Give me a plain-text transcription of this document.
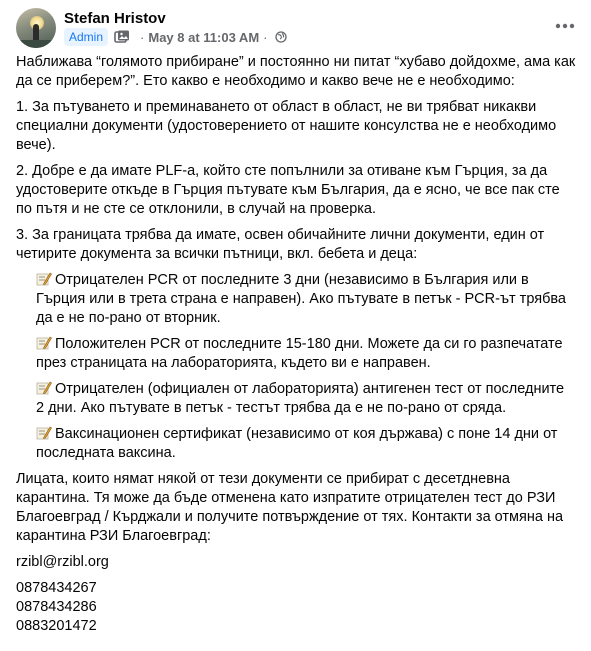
Stefan Hristov
Admin	· May 8 at 11:03 AM ·

Наближава “голямото прибиране” и постоянно ни питат “хубаво дойдохме, ама как да се приберем?”. Ето какво е необходимо и какво вече не е необходимо:

1. За пътуването и преминаването от област в област, не ви трябват никакви специални документи (удостоверението от нашите консулства не е необходимо вече).

2. Добре е да имате PLF-а, който сте попълнили за отиване към Гърция, за да удостоверите откъде в Гърция пътувате към България, да е ясно, че все пак сте по пътя и не сте се отклонили, в случай на проверка.

3. За границата трябва да имате, освен обичайните лични документи, един от четирите документа за всички пътници, вкл. бебета и деца:

Отрицателен PCR от последните 3 дни (независимо в България или в Гърция или в трета страна е направен). Ако пътувате в петък - PCR-ът трябва да е не по-рано от вторник.

Положителен PCR от последните 15-180 дни. Можете да си го разпечатате през страницата на лабораторията, където ви е направен.

Отрицателен (официален от лабораторията) антигенен тест от последните 2 дни. Ако пътувате в петък - тестът трябва да е не по-рано от сряда.

Ваксинационен сертификат (независимо от коя държава) с поне 14 дни от последната ваксина.

Лицата, които нямат някой от тези документи се прибират с десетдневна карантина. Тя може да бъде отменена като изпратите отрицателен тест до РЗИ Благоевград / Кърджали и получите потвърждение от тях. Контакти за отмяна на карантина РЗИ Благоевград:

rzibl@rzibl.org

0878434267

0878434286

0883201472
